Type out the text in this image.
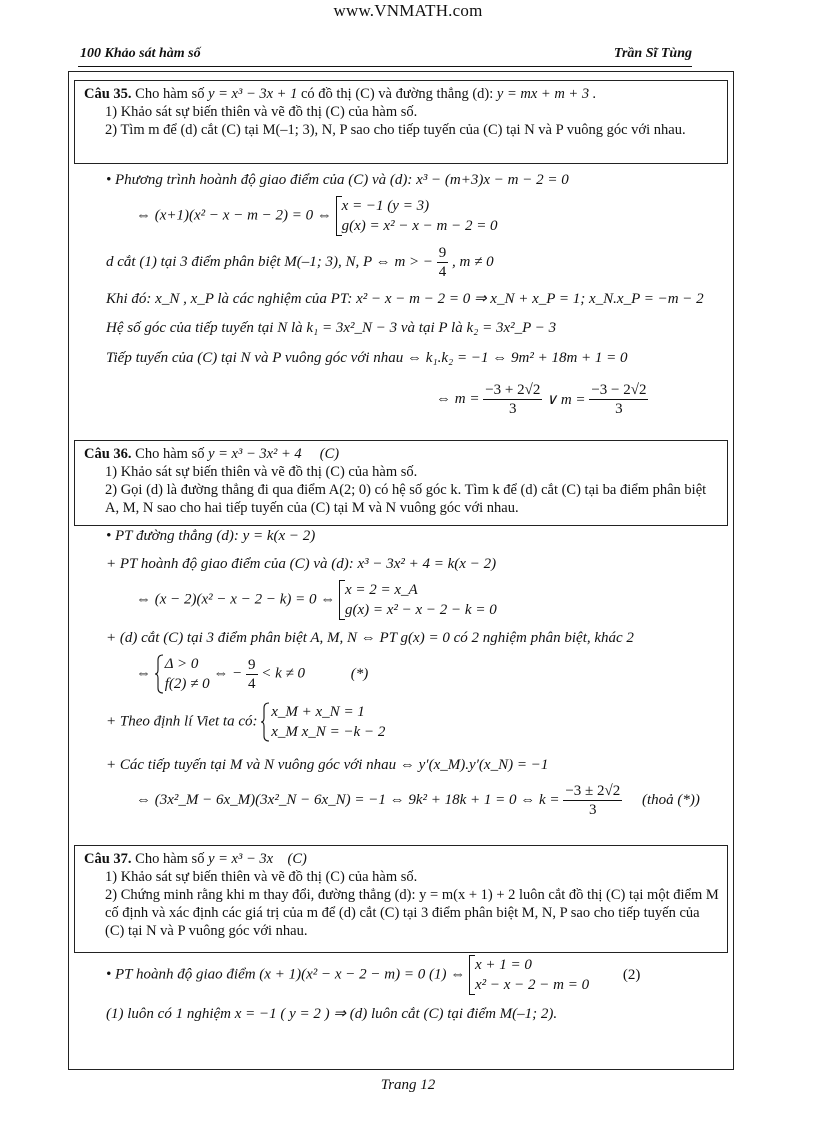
www.VNMATH.com
100 Khảo sát hàm số	Trần Sĩ Tùng
Câu 35. Cho hàm số y = x³ − 3x + 1 có đồ thị (C) và đường thẳng (d): y = mx + m + 3 .
1) Khảo sát sự biến thiên và vẽ đồ thị (C) của hàm số.
2) Tìm m để (d) cắt (C) tại M(–1; 3), N, P sao cho tiếp tuyến của (C) tại N và P vuông góc với nhau.
• Phương trình hoành độ giao điểm của (C) và (d): x³ − (m+3)x − m − 2 = 0
⇔ (x+1)(x² − x − m − 2) = 0 ⇔
x = −1 (y = 3)
g(x) = x² − x − m − 2 = 0
d cắt (1) tại 3 điểm phân biệt M(–1; 3), N, P ⇔ m > − $\frac{9}{4}$ , m ≠ 0
Khi đó: x_N , x_P là các nghiệm của PT: x² − x − m − 2 = 0 ⇒ x_N + x_P = 1; x_N.x_P = −m − 2
Hệ số góc của tiếp tuyến tại N là k₁ = 3x²_N − 3 và tại P là k₂ = 3x²_P − 3
Tiếp tuyến của (C) tại N và P vuông góc với nhau ⇔ k₁.k₂ = −1 ⇔ 9m² + 18m + 1 = 0
⇔ $m = \frac{-3 + 2√2}{3}$ ∨ $m = \frac{-3 - 2√2}{3}$
Câu 36. Cho hàm số y = x³ − 3x² + 4     (C)
1) Khảo sát sự biến thiên và vẽ đồ thị (C) của hàm số.
2) Gọi (d) là đường thẳng đi qua điểm A(2; 0) có hệ số góc k. Tìm k để (d) cắt (C) tại ba điểm phân biệt A, M, N sao cho hai tiếp tuyến của (C) tại M và N vuông góc với nhau.
• PT đường thẳng (d): y = k(x − 2)
+ PT hoành độ giao điểm của (C) và (d): x³ − 3x² + 4 = k(x − 2)
⇔ (x − 2)(x² − x − 2 − k) = 0 ⇔
x = 2 = x_A
g(x) = x² − x − 2 − k = 0
+ (d) cắt (C) tại 3 điểm phân biệt A, M, N ⇔ PT g(x) = 0 có 2 nghiệm phân biệt, khác 2
⇔
Δ > 0
f(2) ≠ 0
⇔ − $\frac{9}{4} < k \ne 0$	(*)
+ Theo định lí Viet ta có:
x_M + x_N = 1
x_M x_N = −k − 2
+ Các tiếp tuyến tại M và N vuông góc với nhau ⇔ y′(x_M).y′(x_N) = −1
⇔ (3x²_M − 6x_M)(3x²_N − 6x_N) = −1 ⇔ 9k² + 18k + 1 = 0 ⇔ $k = \frac{-3 \pm 2√2}{3}$ (thoả (*))
Câu 37. Cho hàm số y = x³ − 3x    (C)
1) Khảo sát sự biến thiên và vẽ đồ thị (C) của hàm số.
2) Chứng minh rằng khi m thay đổi, đường thẳng (d): y = m(x + 1) + 2 luôn cắt đồ thị (C) tại một điểm M cố định và xác định các giá trị của m để (d) cắt (C) tại 3 điểm phân biệt M, N, P sao cho tiếp tuyến của (C) tại N và P vuông góc với nhau.
• PT hoành độ giao điểm (x + 1)(x² − x − 2 − m) = 0 (1) ⇔
x + 1 = 0
x² − x − 2 − m = 0
(2)
(1) luôn có 1 nghiệm x = −1 ( y = 2 ) ⇒ (d) luôn cắt (C) tại điểm M(–1; 2).
Trang 12
